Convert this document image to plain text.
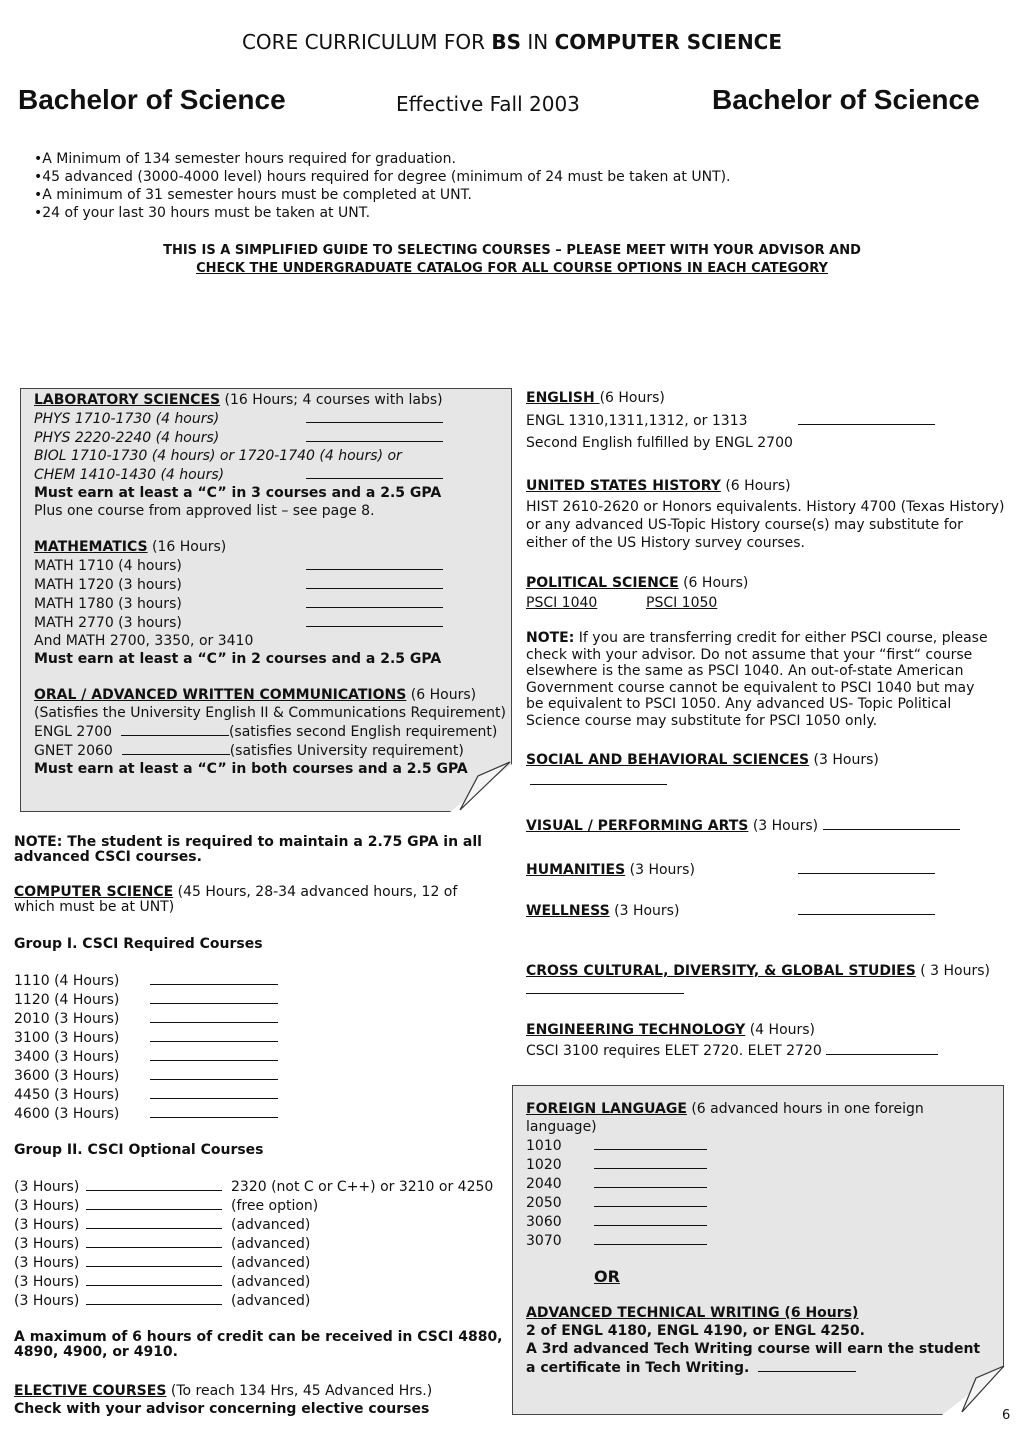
CORE CURRICULUM FOR BS IN COMPUTER SCIENCE
Bachelor of Science	Effective Fall 2003	Bachelor of Science
•A Minimum of 134 semester hours required for graduation.
•45 advanced (3000-4000 level) hours required for degree (minimum of 24 must be taken at UNT).
•A minimum of 31 semester hours must be completed at UNT.
•24 of your last 30 hours must be taken at UNT.
THIS IS A SIMPLIFIED GUIDE TO SELECTING COURSES – PLEASE MEET WITH YOUR ADVISOR AND
CHECK THE UNDERGRADUATE CATALOG FOR ALL COURSE OPTIONS IN EACH CATEGORY
LABORATORY SCIENCES (16 Hours; 4 courses with labs)
PHYS 1710-1730 (4 hours)
PHYS 2220-2240 (4 hours)
BIOL 1710-1730 (4 hours) or 1720-1740 (4 hours) or
CHEM 1410-1430 (4 hours)
Must earn at least a “C” in 3 courses and a 2.5 GPA
Plus one course from approved list – see page 8.
MATHEMATICS (16 Hours)
MATH 1710 (4 hours)
MATH 1720 (3 hours)
MATH 1780 (3 hours)
MATH 2770 (3 hours)
And MATH 2700, 3350, or 3410
Must earn at least a “C” in 2 courses and a 2.5 GPA
ORAL / ADVANCED WRITTEN COMMUNICATIONS (6 Hours)
(Satisfies the University English II & Communications Requirement)
ENGL 2700	(satisfies second English requirement)
GNET 2060	(satisfies University requirement)
Must earn at least a “C” in both courses and a 2.5 GPA
NOTE: The student is required to maintain a 2.75 GPA in all
advanced CSCI courses.
COMPUTER SCIENCE (45 Hours, 28-34 advanced hours, 12 of
which must be at UNT)
Group I. CSCI Required Courses
1110 (4 Hours)
1120 (4 Hours)
2010 (3 Hours)
3100 (3 Hours)
3400 (3 Hours)
3600 (3 Hours)
4450 (3 Hours)
4600 (3 Hours)
Group II. CSCI Optional Courses
(3 Hours)	2320 (not C or C++) or 3210 or 4250
(3 Hours)	(free option)
(3 Hours)	(advanced)
(3 Hours)	(advanced)
(3 Hours)	(advanced)
(3 Hours)	(advanced)
(3 Hours)	(advanced)
A maximum of 6 hours of credit can be received in CSCI 4880,
4890, 4900, or 4910.
ELECTIVE COURSES (To reach 134 Hrs, 45 Advanced Hrs.)
Check with your advisor concerning elective courses
ENGLISH (6 Hours)
ENGL 1310,1311,1312, or 1313
Second English fulfilled by ENGL 2700
UNITED STATES HISTORY (6 Hours)
HIST 2610-2620 or Honors equivalents. History 4700 (Texas History)
or any advanced US-Topic History course(s) may substitute for
either of the US History survey courses.
POLITICAL SCIENCE (6 Hours)
PSCI 1040	PSCI 1050
NOTE: If you are transferring credit for either PSCI course, please
check with your advisor. Do not assume that your “first“ course
elsewhere is the same as PSCI 1040. An out-of-state American
Government course cannot be equivalent to PSCI 1040 but may
be equivalent to PSCI 1050. Any advanced US- Topic Political
Science course may substitute for PSCI 1050 only.
SOCIAL AND BEHAVIORAL SCIENCES (3 Hours)
VISUAL / PERFORMING ARTS (3 Hours)
HUMANITIES (3 Hours)
WELLNESS (3 Hours)
CROSS CULTURAL, DIVERSITY, & GLOBAL STUDIES ( 3 Hours)
ENGINEERING TECHNOLOGY (4 Hours)
CSCI 3100 requires ELET 2720. ELET 2720
FOREIGN LANGUAGE (6 advanced hours in one foreign
language)
1010
1020
2040
2050
3060
3070
OR
ADVANCED TECHNICAL WRITING (6 Hours)
2 of ENGL 4180, ENGL 4190, or ENGL 4250.
A 3rd advanced Tech Writing course will earn the student
a certificate in Tech Writing.
6
